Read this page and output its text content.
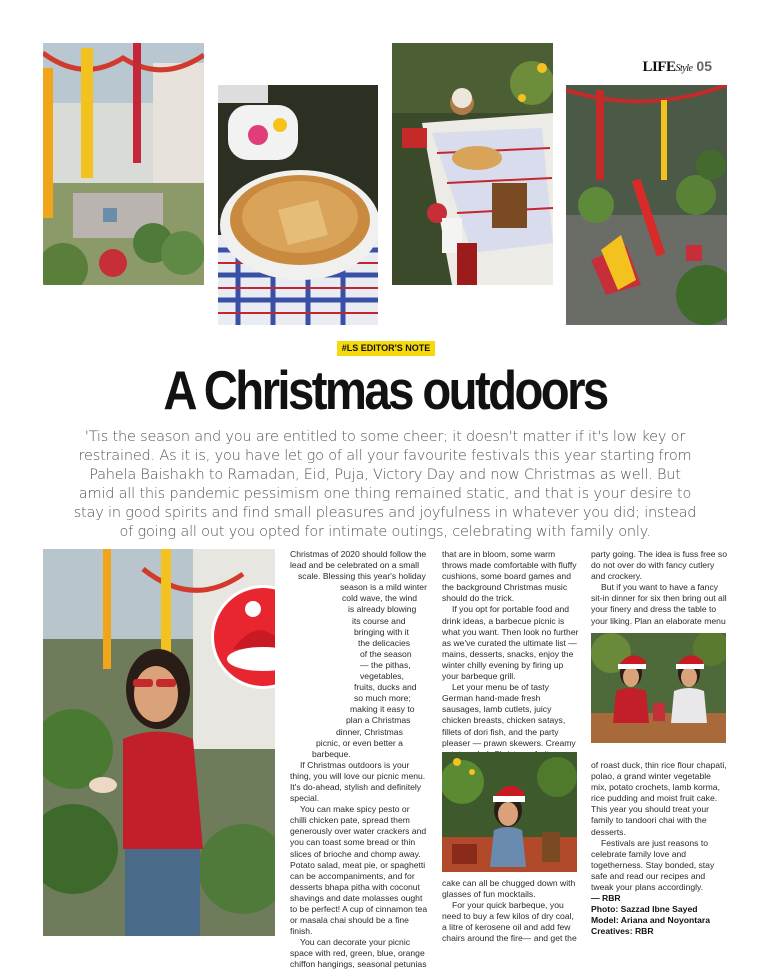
LIFEStyle 05
#LS EDITOR'S NOTE
A Christmas outdoors
'Tis the season and you are entitled to some cheer; it doesn't matter if it's low key or restrained. As it is, you have let go of all your favourite festivals this year starting from Pahela Baishakh to Ramadan, Eid, Puja, Victory Day and now Christmas as well. But amid all this pandemic pessimism one thing remained static, and that is your desire to stay in good spirits and find small pleasures and joyfulness in whatever you did; instead of going all out you opted for intimate outings, celebrating with family only.

Christmas of 2020 should follow the
lead and be celebrated on a small
scale. Blessing this year's holiday
season is a mild winter
cold wave, the wind
is already blowing
its course and
bringing with it
the delicacies
of the season
— the pithas,
vegetables,
fruits, ducks and
so much more;
making it easy to
plan a Christmas
dinner, Christmas
picnic, or even better a
barbeque.

If Christmas outdoors is your thing, you will love our picnic menu. It's do-ahead, stylish and definitely special.

You can make spicy pesto or chilli chicken pate, spread them generously over water crackers and you can toast some bread or thin slices of brioche and chomp away. Potato salad, meat pie, or spaghetti can be accompaniments, and for desserts bhapa pitha with coconut shavings and date molasses ought to be perfect! A cup of cinnamon tea or masala chai should be a fine finish.

You can decorate your picnic space with red, green, blue, orange chiffon hangings, seasonal petunias

that are in bloom, some warm throws made comfortable with fluffy cushions, some board games and the background Christmas music should do the trick.

If you opt for portable food and drink ideas, a barbecue picnic is what you want. Then look no further as we've curated the ultimate list — mains, desserts, snacks, enjoy the winter chilly evening by firing up your barbeque grill.

Let your menu be of tasty German hand-made fresh sausages, lamb cutlets, juicy chicken breasts, chicken satays, fillets of dori fish, and the party pleaser — prawn skewers. Creamy

cake can all be chugged down with glasses of fun mocktails.

For your quick barbeque, you need to buy a few kilos of dry coal, a litre of kerosene oil and add few chairs around the fire— and get the

party going. The idea is fuss free so do not over do with fancy cutlery and crockery.

But if you want to have a fancy sit-in dinner for six then bring out all your finery and dress the table to your liking. Plan an elaborate menu

of roast duck, thin rice flour chapati, polao, a grand winter vegetable mix, potato crochets, lamb korma, rice pudding and moist fruit cake. This year you should treat your family to tandoori chai with the desserts.

Festivals are just reasons to celebrate family love and togetherness. Stay bonded, stay safe and read our recipes and tweak your plans accordingly.

— RBR
Photo: Sazzad Ibne Sayed
Model: Ariana and Noyontara
Creatives: RBR
